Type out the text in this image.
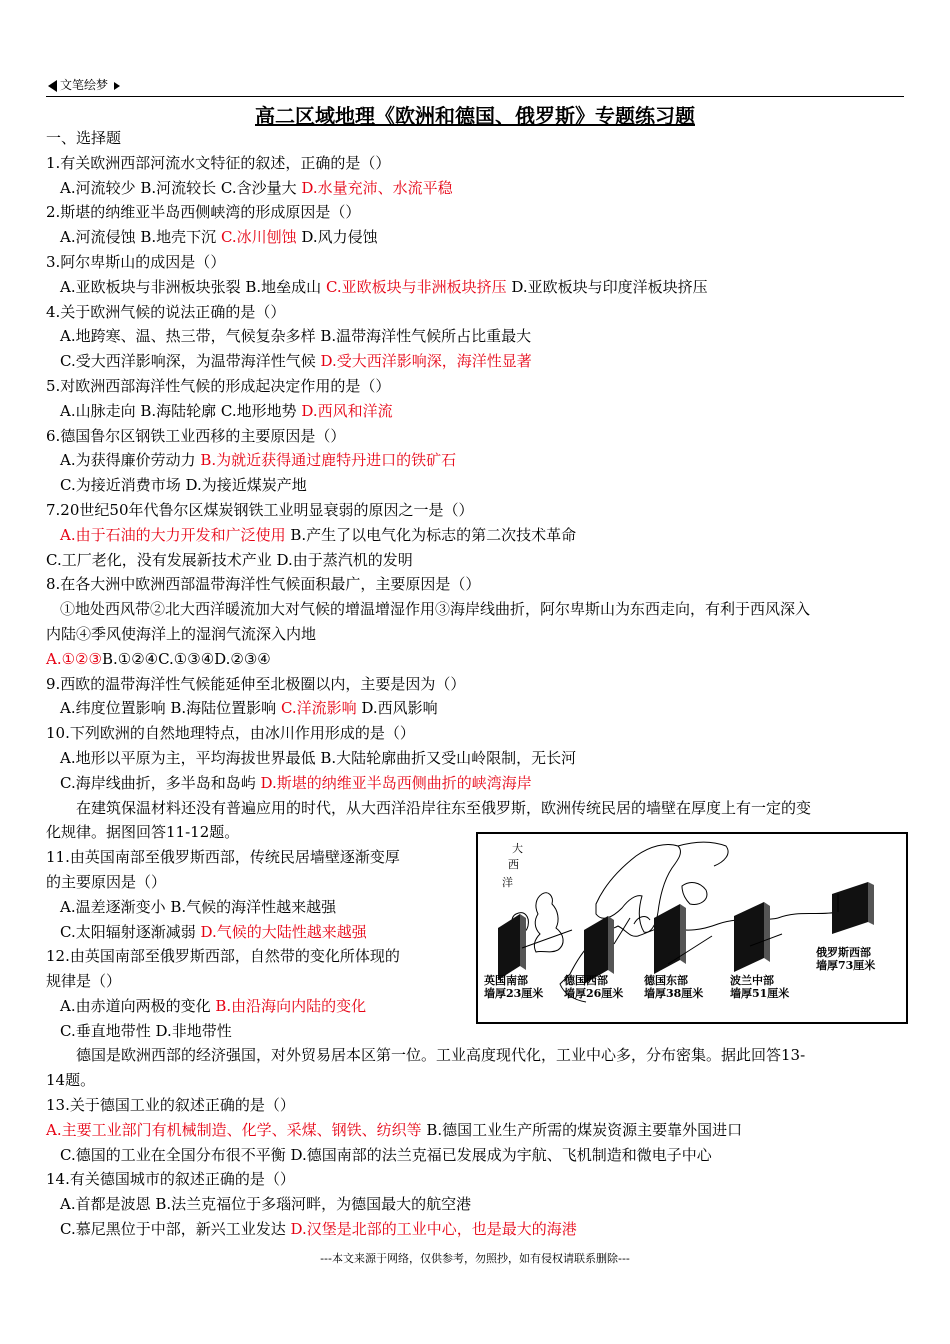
文笔绘梦
高二区域地理《欧洲和德国、俄罗斯》专题练习题
一、选择题
1.有关欧洲西部河流水文特征的叙述，正确的是（）
A.河流较少 B.河流较长 C.含沙量大 D.水量充沛、水流平稳
2.斯堪的纳维亚半岛西侧峡湾的形成原因是（）
A.河流侵蚀 B.地壳下沉 C.冰川刨蚀 D.风力侵蚀
3.阿尔卑斯山的成因是（）
A.亚欧板块与非洲板块张裂 B.地垒成山 C.亚欧板块与非洲板块挤压 D.亚欧板块与印度洋板块挤压
4.关于欧洲气候的说法正确的是（）
A.地跨寒、温、热三带，气候复杂多样 B.温带海洋性气候所占比重最大
C.受大西洋影响深，为温带海洋性气候 D.受大西洋影响深，海洋性显著
5.对欧洲西部海洋性气候的形成起决定作用的是（）
A.山脉走向 B.海陆轮廓 C.地形地势 D.西风和洋流
6.德国鲁尔区钢铁工业西移的主要原因是（）
A.为获得廉价劳动力 B.为就近获得通过鹿特丹进口的铁矿石
C.为接近消费市场 D.为接近煤炭产地
7.20世纪50年代鲁尔区煤炭钢铁工业明显衰弱的原因之一是（）
A.由于石油的大力开发和广泛使用 B.产生了以电气化为标志的第二次技术革命
C.工厂老化，没有发展新技术产业 D.由于蒸汽机的发明
8.在各大洲中欧洲西部温带海洋性气候面积最广，主要原因是（）
①地处西风带②北大西洋暖流加大对气候的增温增湿作用③海岸线曲折，阿尔卑斯山为东西走向，有利于西风深入
内陆④季风使海洋上的湿润气流深入内地
A.①②③B.①②④C.①③④D.②③④
9.西欧的温带海洋性气候能延伸至北极圈以内，主要是因为（）
A.纬度位置影响 B.海陆位置影响 C.洋流影响 D.西风影响
10.下列欧洲的自然地理特点，由冰川作用形成的是（）
A.地形以平原为主，平均海拔世界最低 B.大陆轮廓曲折又受山岭限制，无长河
C.海岸线曲折，多半岛和岛屿 D.斯堪的纳维亚半岛西侧曲折的峡湾海岸
在建筑保温材料还没有普遍应用的时代，从大西洋沿岸往东至俄罗斯，欧洲传统民居的墙壁在厚度上有一定的变
化规律。据图回答11-12题。
11.由英国南部至俄罗斯西部，传统民居墙壁逐渐变厚
的主要原因是（）
A.温差逐渐变小 B.气候的海洋性越来越强
C.太阳辐射逐渐减弱 D.气候的大陆性越来越强
12.由英国南部至俄罗斯西部，自然带的变化所体现的
规律是（）
A.由赤道向两极的变化 B.由沿海向内陆的变化
C.垂直地带性 D.非地带性
德国是欧洲西部的经济强国，对外贸易居本区第一位。工业高度现代化，工业中心多，分布密集。据此回答13-
14题。
13.关于德国工业的叙述正确的是（）
A.主要工业部门有机械制造、化学、采煤、钢铁、纺织等 B.德国工业生产所需的煤炭资源主要靠外国进口
C.德国的工业在全国分布很不平衡 D.德国南部的法兰克福已发展成为宇航、飞机制造和微电子中心
14.有关德国城市的叙述正确的是（）
A.首都是波恩 B.法兰克福位于多瑙河畔，为德国最大的航空港
C.慕尼黑位于中部，新兴工业发达 D.汉堡是北部的工业中心，也是最大的海港
大
西
洋
英国南部
墙厚23厘米
德国西部
墙厚26厘米
德国东部
墙厚38厘米
波兰中部
墙厚51厘米
俄罗斯西部
墙厚73厘米
---本文来源于网络，仅供参考，勿照抄，如有侵权请联系删除---
